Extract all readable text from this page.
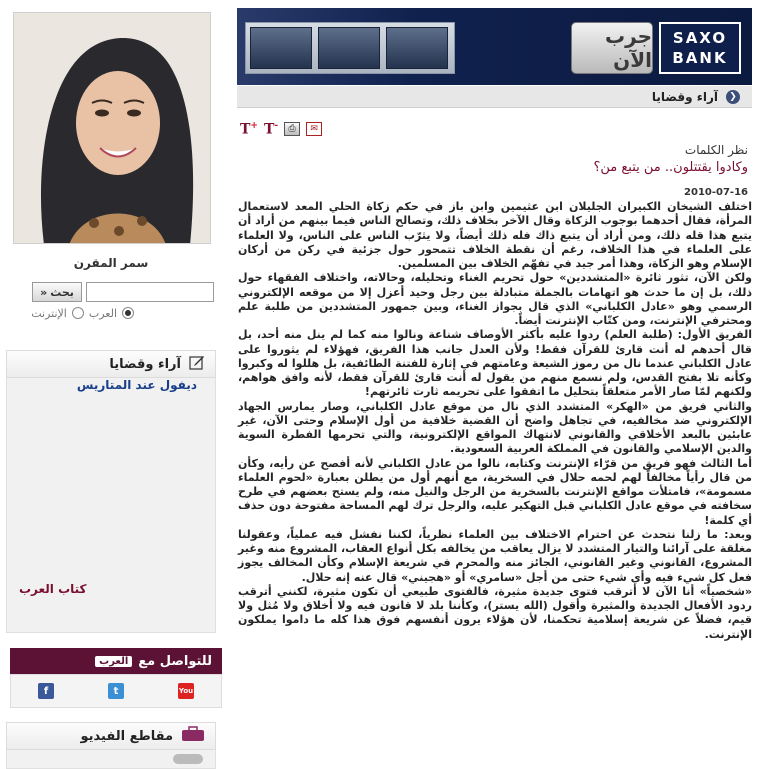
سمر المقرن
بحث
«
العرب
الإنترنت
آراء وقضايا
ديفول عند المتاريس
كتاب العرب
للتواصل مع
العرب
f	t	You
مقاطع الفيديو
جرب الآن
SAXO
BANK
❮
آراء وقضايا
T+ T-	⎙	✉
نظر الكلمات
وكادوا يقتتلون.. من يتبع من؟
2010-07-16

اختلف الشيخان الكبيران الجليلان ابن عثيمين وابن باز في حكم زكاة الحلي المعد لاستعمال المرأة، فقال أحدهما بوجوب الزكاة وقال الآخر بخلاف ذلك، وتصالح الناس فيما بينهم من أراد أن يتبع هذا قله ذلك، ومن أراد أن يتبع ذاك فله ذلك أيضاً، ولا يثرّب الناس على الناس، ولا العلماء على العلماء في هذا الخلاف، رغم أن نقطة الخلاف تتمحور حول جزئية في ركن من أركان الإسلام وهو الزكاة، وهذا أمر جيد في تفهّم الخلاف بين المسلمين.

ولكن الآن، تثور ثائرة «المتشددين» حول تحريم الغناء وتحليله، وحالاته، واختلاف الفقهاء حول ذلك، بل إن ما حدث هو اتهامات بالجملة متبادلة بين رجل وحيد أعزل إلا من موقعه الإلكتروني الرسمي وهو «عادل الكلباني» الذي قال بجواز الغناء، وبين جمهور المتشددين من طلبة علم ومحترفي الإنترنت، ومن كتّاب الإنترنت أيضاً.

الفريق الأول: (طلبة العلم) ردوا عليه بأكثر الأوصاف شناعة ونالوا منه كما لم ينل منه أحد، بل قال أحدهم له أنت قارئ للقرآن فقط! ولأن العدل جانب هذا الفريق، فهؤلاء لم يثوروا على عادل الكلباني عندما نال من رموز الشيعة وعامتهم في إثارة للفتنة الطائفية، بل هللوا له وكبروا وكأنه تلا بفتح القدس، ولم نسمع منهم من يقول له أنت قارئ للقرآن فقط، لأنه وافق هواهم، ولكنهم لمّا صار الأمر متعلقاً بتحليل ما اتفقوا على تحريمه ثارت ثائرتهم!

والثاني فريق من «الهكر» المتشدد الذي نال من موقع عادل الكلباني، وصار يمارس الجهاد الإلكتروني ضد مخالفيه، في تجاهل واضح أن القضية خلافية من أول الإسلام وحتى الآن، غير عابئين بالبعد الأخلاقي والقانوني لانتهاك المواقع الإلكترونية، والتي تحرمها الفطرة السوية والدين الإسلامي والقانون في المملكة العربية السعودية.

أما الثالث فهو فريق من قرّاء الإنترنت وكتابه، نالوا من عادل الكلباني لأنه أفصح عن رأيه، وكأن من قال رأياً مخالفاً لهم لحمه حلال في السخرية، مع أنهم أول من يطلن بعبارة «لحوم العلماء مسمومة»، فامتلأت مواقع الإنترنت بالسخرية من الرجل والنيل منه، ولم يستح بعضهم في طرح سخافته في موقع عادل الكلباني قبل التهكير عليه، والرجل ترك لهم المساحة مفتوحة دون حذف أي كلمة!

وبعد: ما زلنا نتحدث عن احترام الاختلاف بين العلماء نظرياً، لكننا نفشل فيه عملياً، وعقولنا مغلقة على آرائنا والتيار المتشدد لا يزال يعاقب من يخالفه بكل أنواع العقاب، المشروع منه وغير المشروع، القانوني وغير القانوني، الجائز منه والمحرم في شريعة الإسلام وكأن المخالف يجوز فعل كل شيء فيه وأي شيء حتى من أجل «سامري» أو «هجيني» قال عنه إنه حلال.

«شخصياً» أنا الآن لا أترقب فتوى جديدة مثيرة، فالفتوى طبيعي أن تكون مثيرة، لكنني أترقب ردود الأفعال الجديدة والمثيرة وأقول (الله يستر)، وكأننا بلد لا قانون فيه ولا أخلاق ولا مُثل ولا قيم، فضلاً عن شريعة إسلامية تحكمنا، لأن هؤلاء يرون أنفسهم فوق هذا كله ما داموا يملكون الإنترنت.
